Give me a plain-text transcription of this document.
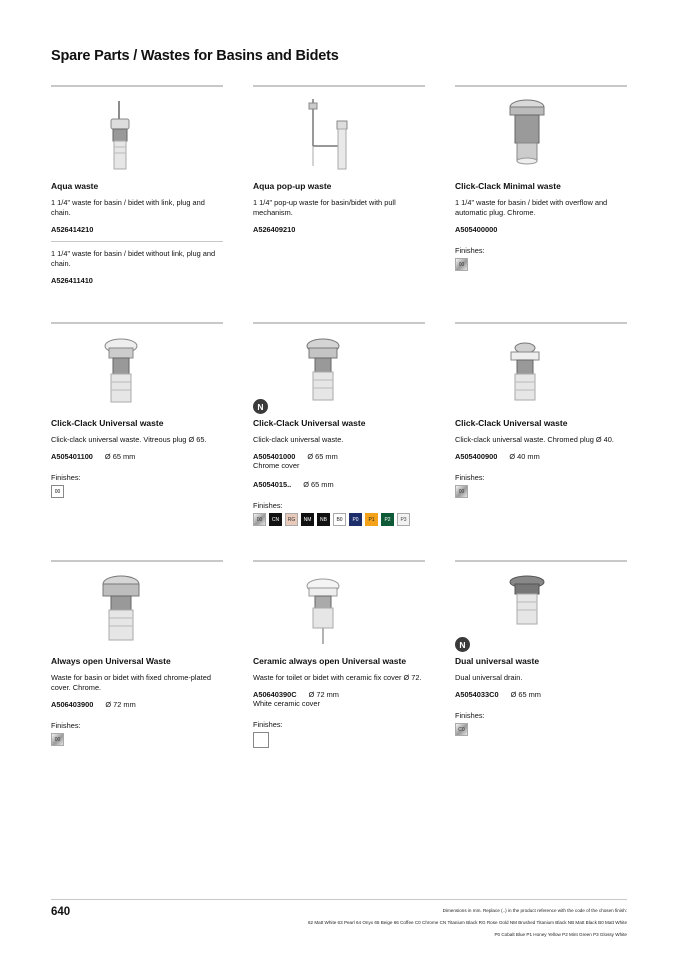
Spare Parts / Wastes for Basins and Bidets
Aqua waste
1 1/4" waste for basin / bidet with link, plug and chain.
A526414210
1 1/4" waste for basin / bidet without link, plug and chain.
A526411410
Aqua pop-up waste
1 1/4" pop-up waste for basin/bidet with pull mechanism.
A526409210
Click-Clack Minimal waste
1 1/4" waste for basin / bidet with overflow and automatic plug. Chrome.
A505400000
Finishes:
00
Click-Clack Universal waste
Click-clack universal waste. Vitreous plug Ø 65.
A505401100 Ø 65 mm
Finishes:
00
N
Click-Clack Universal waste
Click-clack universal waste.
A505401000 Ø 65 mm
Chrome cover
A5054015.. Ø 65 mm
Finishes:
00	CN	RG	NM	NB	B0	P0	P1	P2	P3
Click-Clack Universal waste
Click-clack universal waste. Chromed plug Ø 40.
A505400900 Ø 40 mm
Finishes:
00
Always open Universal Waste
Waste for basin or bidet with fixed chrome-plated cover. Chrome.
A506403900 Ø 72 mm
Finishes:
00
Ceramic always open Universal waste
Waste for toilet or bidet with ceramic fix cover Ø 72.
A50640390C Ø 72 mm
White ceramic cover
Finishes:
N
Dual universal waste
Dual universal drain.
A5054033C0 Ø 65 mm
Finishes:
C0
640	Dimensions in mm. Replace (..) in the product reference with the code of the chosen finish:
62 Matt White 63 Pearl 64 Onyx 65 Beige 66 Coffee C0 Chrome CN Titanium Black RG Rose Gold NM Brushed Titanium Black NB Matt Black B0 Matt White
P0 Cobalt Blue P1 Honey Yellow P2 Mint Green P3 Glossy White
